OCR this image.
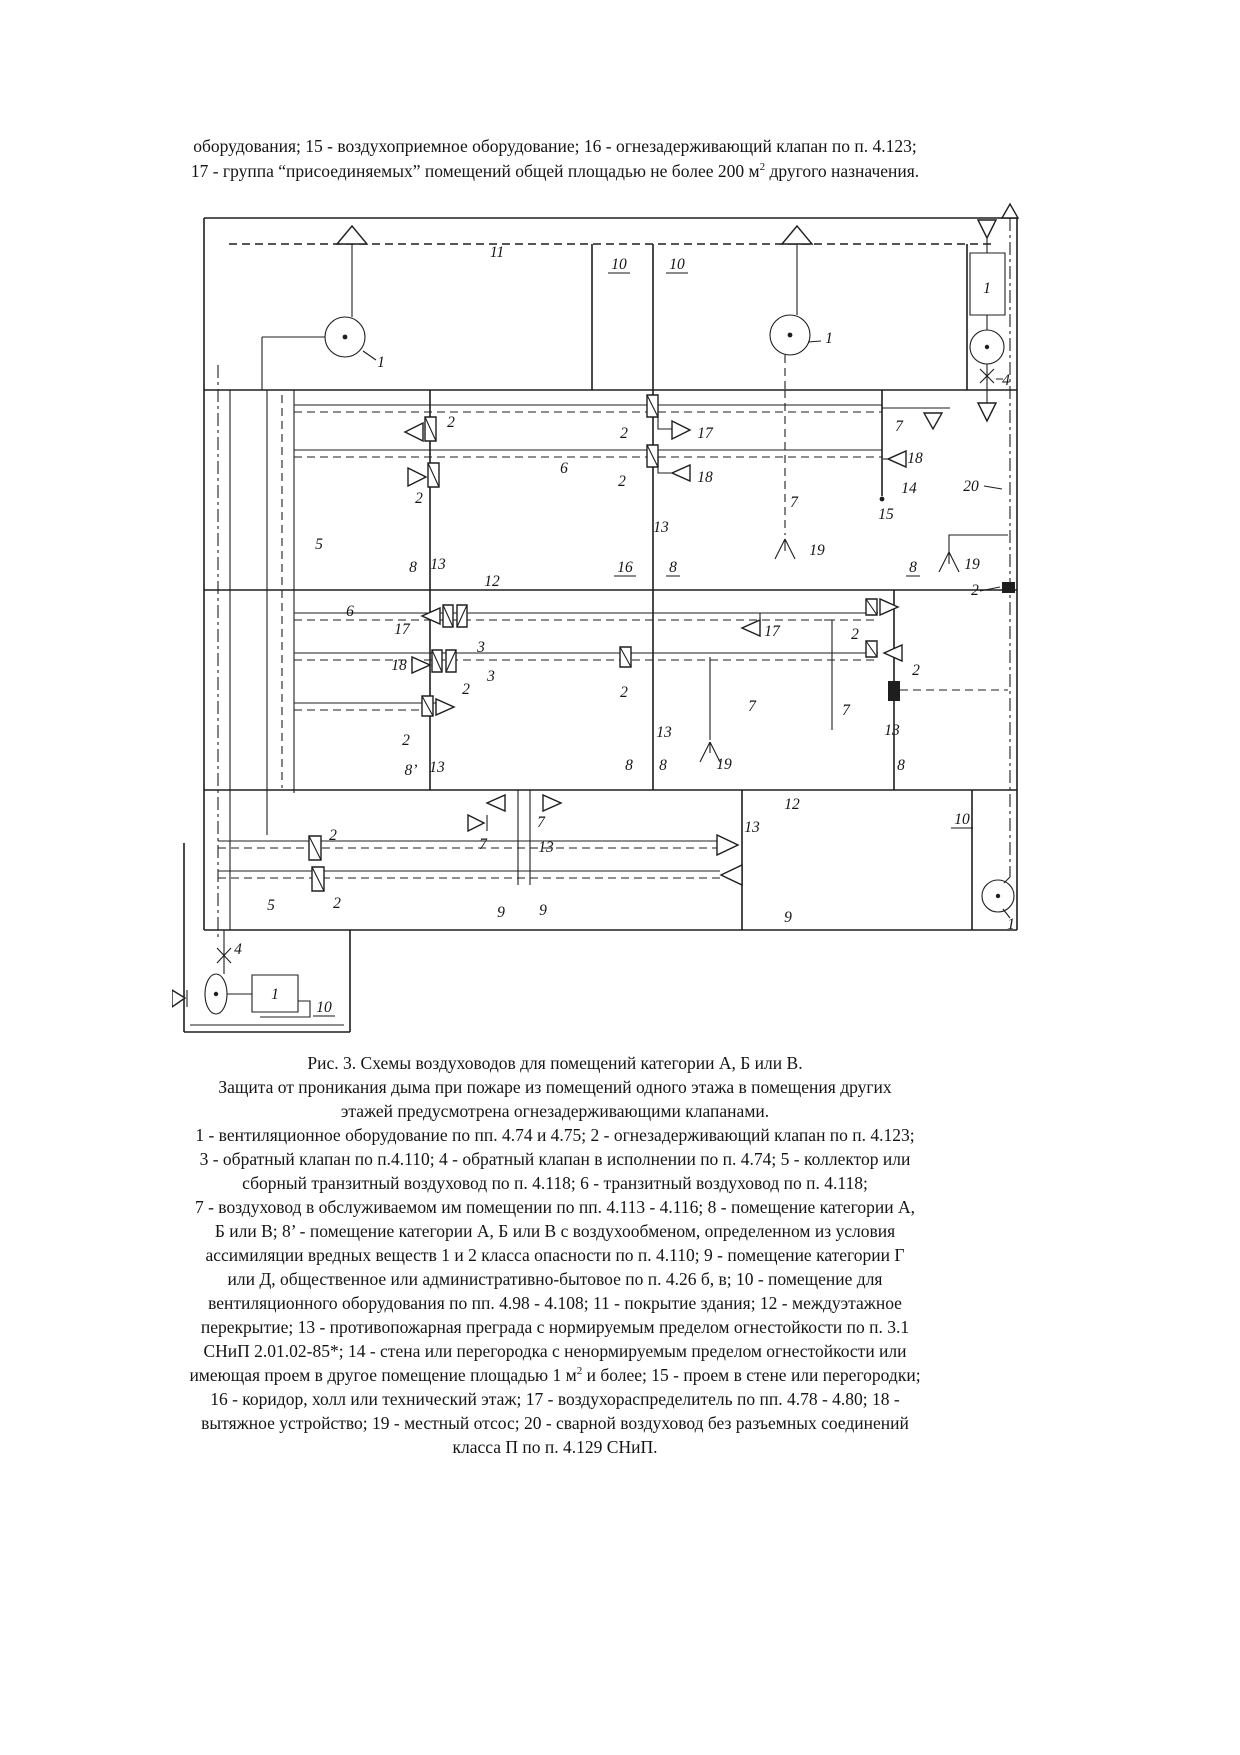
оборудования; 15 - воздухоприемное оборудование; 16 - огнезадерживающий клапан по п. 4.123;
17 - группа “присоединяемых” помещений общей площадью не более 200 $м^2$ другого назначения.
11
1
10	10
1
1
4
20
2
2
6
2	17
2	18
7
19
7
18
14
15
8	19
2
13
8 13	16 8
12
5
6
17
3
17	2
18
2
3
2
2
2
8’ 13
13
8 8
7
19
7
13
8
12
7
7
13
13
2
2
9 9	9
10
1
4
1
10
5
Рис. 3. Схемы воздуховодов для помещений категории А, Б или В.
Защита от проникания дыма при пожаре из помещений одного этажа в помещения других
этажей предусмотрена огнезадерживающими клапанами.
1 - вентиляционное оборудование по пп. 4.74 и 4.75; 2 - огнезадерживающий клапан по п. 4.123;
3 - обратный клапан по п.4.110; 4 - обратный клапан в исполнении по п. 4.74; 5 - коллектор или
сборный транзитный воздуховод по п. 4.118; 6 - транзитный воздуховод по п. 4.118;
7 - воздуховод в обслуживаемом им помещении по пп. 4.113 - 4.116; 8 - помещение категории А,
Б или В; 8’ - помещение категории А, Б или В с воздухообменом, определенном из условия
ассимиляции вредных веществ 1 и 2 класса опасности по п. 4.110; 9 - помещение категории Г
или Д, общественное или административно-бытовое по п. 4.26 б, в; 10 - помещение для
вентиляционного оборудования по пп. 4.98 - 4.108; 11 - покрытие здания; 12 - междуэтажное
перекрытие; 13 - противопожарная преграда с нормируемым пределом огнестойкости по п. 3.1
СНиП 2.01.02-85*; 14 - стена или перегородка с ненормируемым пределом огнестойкости или
имеющая проем в другое помещение площадью 1 $м^2$ и более; 15 - проем в стене или перегородки;
16 - коридор, холл или технический этаж; 17 - воздухораспределитель по пп. 4.78 - 4.80; 18 -
вытяжное устройство; 19 - местный отсос; 20 - сварной воздуховод без разъемных соединений
класса П по п. 4.129 СНиП.
